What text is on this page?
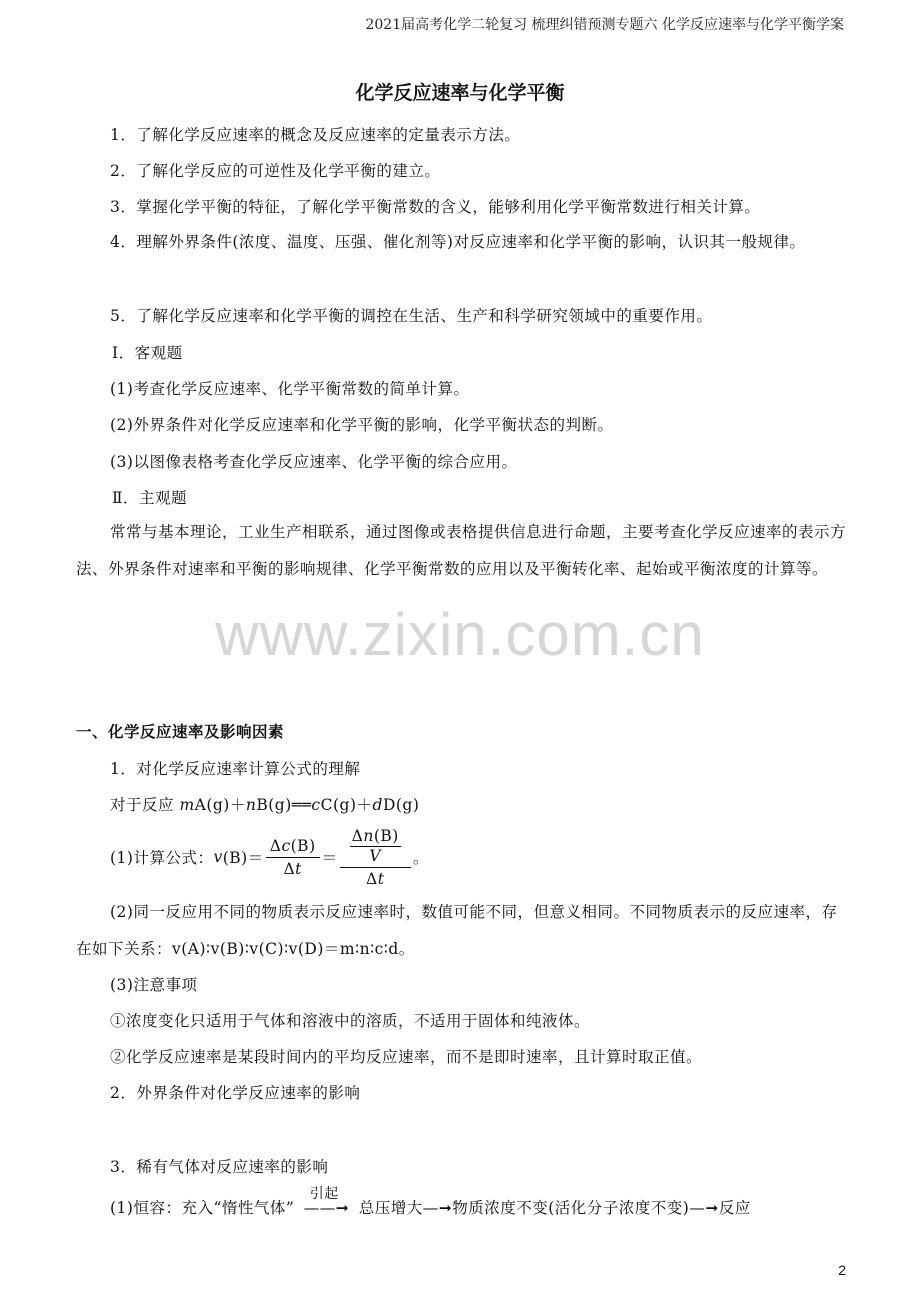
2021届高考化学二轮复习 梳理纠错预测专题六 化学反应速率与化学平衡学案
化学反应速率与化学平衡
1．了解化学反应速率的概念及反应速率的定量表示方法。
2．了解化学反应的可逆性及化学平衡的建立。
3．掌握化学平衡的特征，了解化学平衡常数的含义，能够利用化学平衡常数进行相关计算。
4．理解外界条件(浓度、温度、压强、催化剂等)对反应速率和化学平衡的影响，认识其一般规律。
5．了解化学反应速率和化学平衡的调控在生活、生产和科学研究领域中的重要作用。
Ⅰ．客观题
(1)考查化学反应速率、化学平衡常数的简单计算。
(2)外界条件对化学反应速率和化学平衡的影响，化学平衡状态的判断。
(3)以图像表格考查化学反应速率、化学平衡的综合应用。
Ⅱ．主观题
常常与基本理论，工业生产相联系，通过图像或表格提供信息进行命题，主要考查化学反应速率的表示方法、外界条件对速率和平衡的影响规律、化学平衡常数的应用以及平衡转化率、起始或平衡浓度的计算等。
www.zixin.com.cn
一、化学反应速率及影响因素
1．对化学反应速率计算公式的理解
对于反应 mA(g)＋nB(g)══cC(g)＋dD(g)
(1)计算公式： v $(B)= \frac{\Delta c(B)}{\Delta t} = \Delta n(B)$
V
Δt 。
(2)同一反应用不同的物质表示反应速率时，数值可能不同，但意义相同。不同物质表示的反应速率，存在如下关系：v(A)∶v(B)∶v(C)∶v(D)＝m∶n∶c∶d。
(3)注意事项
①浓度变化只适用于气体和溶液中的溶质，不适用于固体和纯液体。
②化学反应速率是某段时间内的平均反应速率，而不是即时速率，且计算时取正值。
2．外界条件对化学反应速率的影响
3．稀有气体对反应速率的影响
(1)恒容：充入“惰性气体”
引起
——➞ 总压增大—➞物质浓度不变(活化分子浓度不变)—➞反应
2
